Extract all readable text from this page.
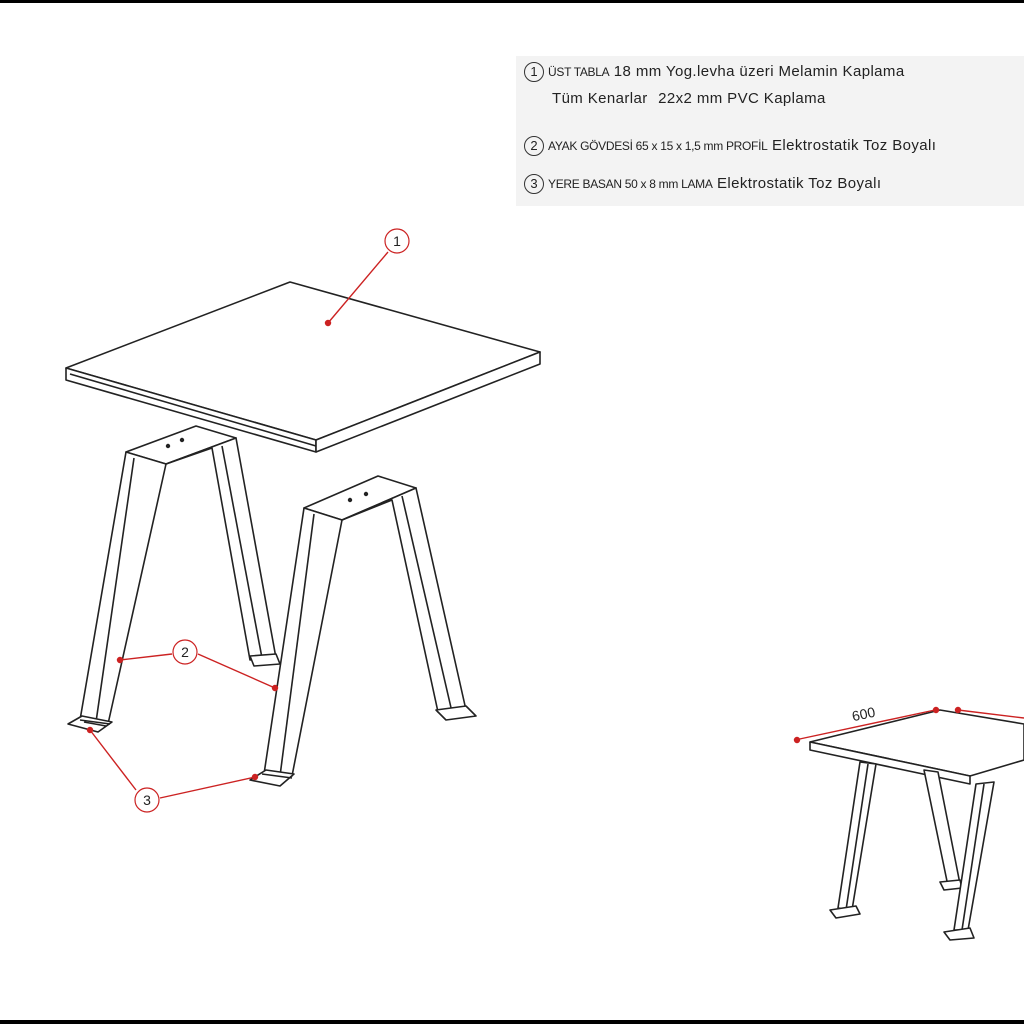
1 ÜST TABLA 18 mm Yog.levha üzeri Melamin Kaplama
Tüm Kenarlar 22x2 mm PVC Kaplama
2 AYAK GÖVDESİ 65 x 15 x 1,5 mm PROFİL Elektrostatik Toz Boyalı
3 YERE BASAN 50 x 8 mm LAMA Elektrostatik Toz Boyalı
1
2
3
600
